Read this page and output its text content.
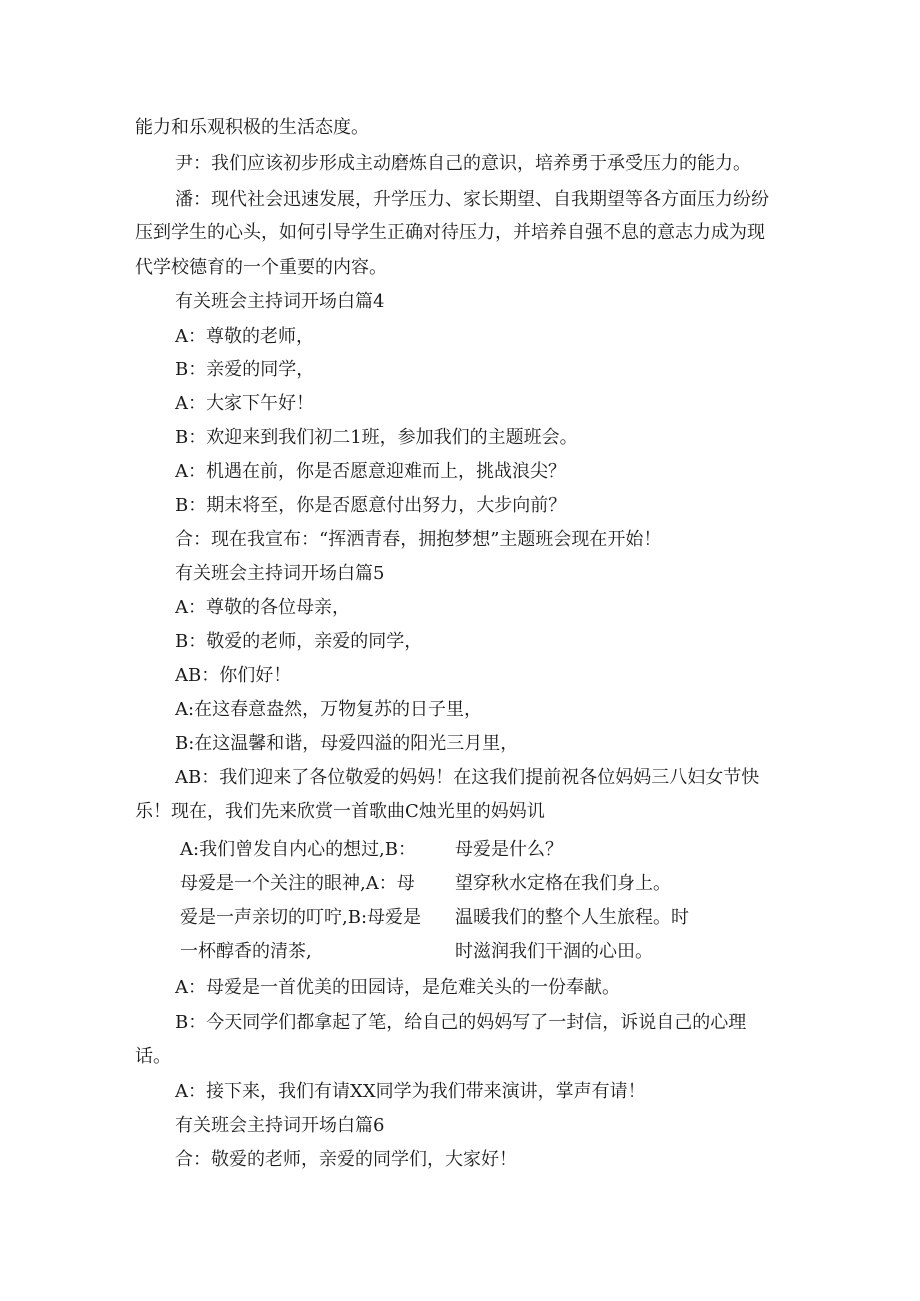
能力和乐观积极的生活态度。
尹：我们应该初步形成主动磨炼自己的意识，培养勇于承受压力的能力。
潘：现代社会迅速发展，升学压力、家长期望、自我期望等各方面压力纷纷
压到学生的心头，如何引导学生正确对待压力，并培养自强不息的意志力成为现
代学校德育的一个重要的内容。
有关班会主持词开场白篇4
A：尊敬的老师，
B：亲爱的同学，
A：大家下午好！
B：欢迎来到我们初二1班，参加我们的主题班会。
A：机遇在前，你是否愿意迎难而上，挑战浪尖？
B：期末将至，你是否愿意付出努力，大步向前？
合：现在我宣布：“挥洒青春，拥抱梦想”主题班会现在开始！
有关班会主持词开场白篇5
A：尊敬的各位母亲，
B：敬爱的老师，亲爱的同学，
AB：你们好！
A:在这春意盎然，万物复苏的日子里，
B:在这温馨和谐，母爱四溢的阳光三月里，
AB：我们迎来了各位敬爱的妈妈！在这我们提前祝各位妈妈三八妇女节快
乐！现在，我们先来欣赏一首歌曲C烛光里的妈妈讥
A:我们曾发自内心的想过,B： 母爱是什么？
母爱是一个关注的眼神,A：母 望穿秋水定格在我们身上。
爱是一声亲切的叮咛,B:母爱是 温暖我们的整个人生旅程。时
一杯醇香的清茶,	时滋润我们干涸的心田。
A：母爱是一首优美的田园诗，是危难关头的一份奉献。
B：今天同学们都拿起了笔，给自己的妈妈写了一封信，诉说自己的心理
话。
A：接下来，我们有请XX同学为我们带来演讲，掌声有请！
有关班会主持词开场白篇6
合：敬爱的老师，亲爱的同学们，大家好！
